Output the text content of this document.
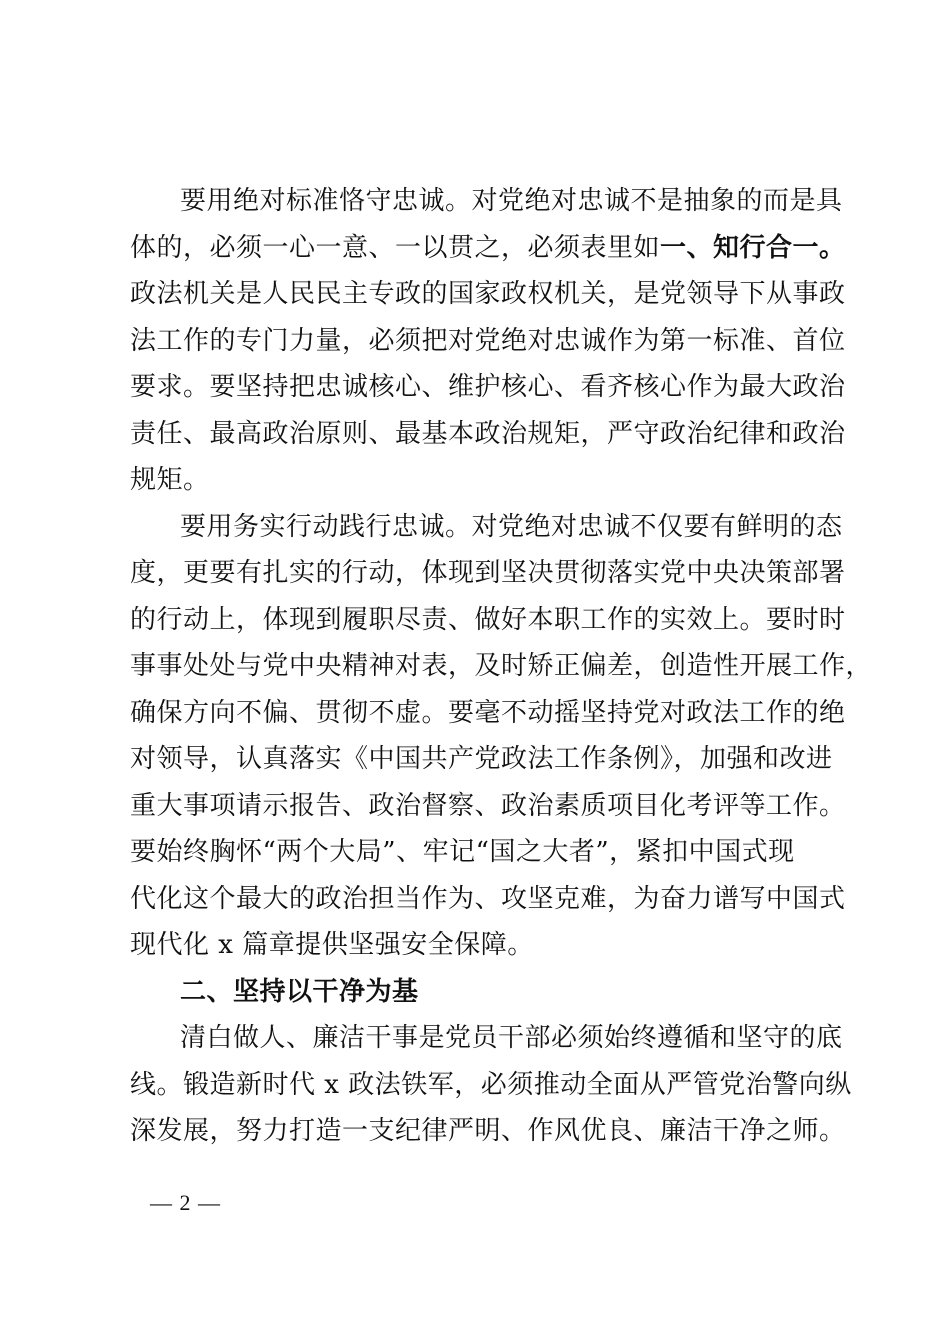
要用绝对标准恪守忠诚。对党绝对忠诚不是抽象的而是具
体的，必须一心一意、一以贯之，必须表里如一、知行合一。
政法机关是人民民主专政的国家政权机关，是党领导下从事政
法工作的专门力量，必须把对党绝对忠诚作为第一标准、首位
要求。要坚持把忠诚核心、维护核心、看齐核心作为最大政治
责任、最高政治原则、最基本政治规矩，严守政治纪律和政治
规矩。
要用务实行动践行忠诚。对党绝对忠诚不仅要有鲜明的态
度，更要有扎实的行动，体现到坚决贯彻落实党中央决策部署
的行动上，体现到履职尽责、做好本职工作的实效上。要时时
事事处处与党中央精神对表，及时矫正偏差，创造性开展工作，
确保方向不偏、贯彻不虚。要毫不动摇坚持党对政法工作的绝
对领导，认真落实《中国共产党政法工作条例》，加强和改进
重大事项请示报告、政治督察、政治素质项目化考评等工作。
要始终胸怀“两个大局”、牢记“国之大者”，紧扣中国式现
代化这个最大的政治担当作为、攻坚克难，为奋力谱写中国式
现代化 x 篇章提供坚强安全保障。
二、坚持以干净为基
清白做人、廉洁干事是党员干部必须始终遵循和坚守的底
线。锻造新时代 x 政法铁军，必须推动全面从严管党治警向纵
深发展，努力打造一支纪律严明、作风优良、廉洁干净之师。
— 2 —
